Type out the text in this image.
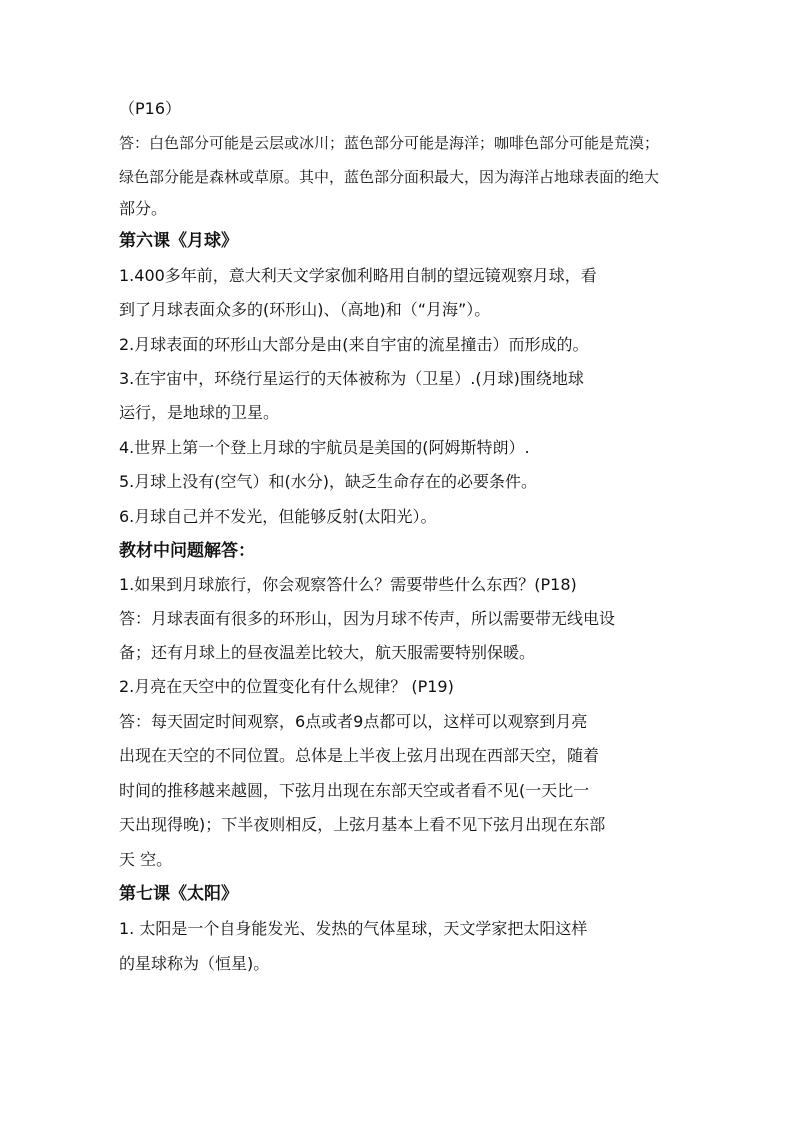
（P16）

答：白色部分可能是云层或冰川；蓝色部分可能是海洋；咖啡色部分可能是荒漠；

绿色部分能是森林或草原。其中，蓝色部分面积最大，因为海洋占地球表面的绝大

部分。

第六课《月球》

1.400多年前，意大利天文学家伽利略用自制的望远镜观察月球，看

到了月球表面众多的(环形山)、（高地)和（“月海”）。

2.月球表面的环形山大部分是由(来自宇宙的流星撞击）而形成的。

3.在宇宙中，环绕行星运行的天体被称为（卫星）.(月球)围绕地球

运行，是地球的卫星。

4.世界上第一个登上月球的宇航员是美国的(阿姆斯特朗）.

5.月球上没有(空气）和(水分)，缺乏生命存在的必要条件。

6.月球自己并不发光，但能够反射(太阳光）。

教材中问题解答：

1.如果到月球旅行，你会观察答什么？需要带些什么东西？(P18)

答：月球表面有很多的环形山，因为月球不传声，所以需要带无线电设

备；还有月球上的昼夜温差比较大，航天服需要特别保暖。

2.月亮在天空中的位置变化有什么规律？ (P19)

答：每天固定时间观察，6点或者9点都可以，这样可以观察到月亮

出现在天空的不同位置。总体是上半夜上弦月出现在西部天空，随着

时间的推移越来越圆，下弦月出现在东部天空或者看不见(一天比一

天出现得晚)；下半夜则相反，上弦月基本上看不见下弦月出现在东部

天 空。

第七课《太阳》

1. 太阳是一个自身能发光、发热的气体星球，天文学家把太阳这样

的星球称为（恒星)。
